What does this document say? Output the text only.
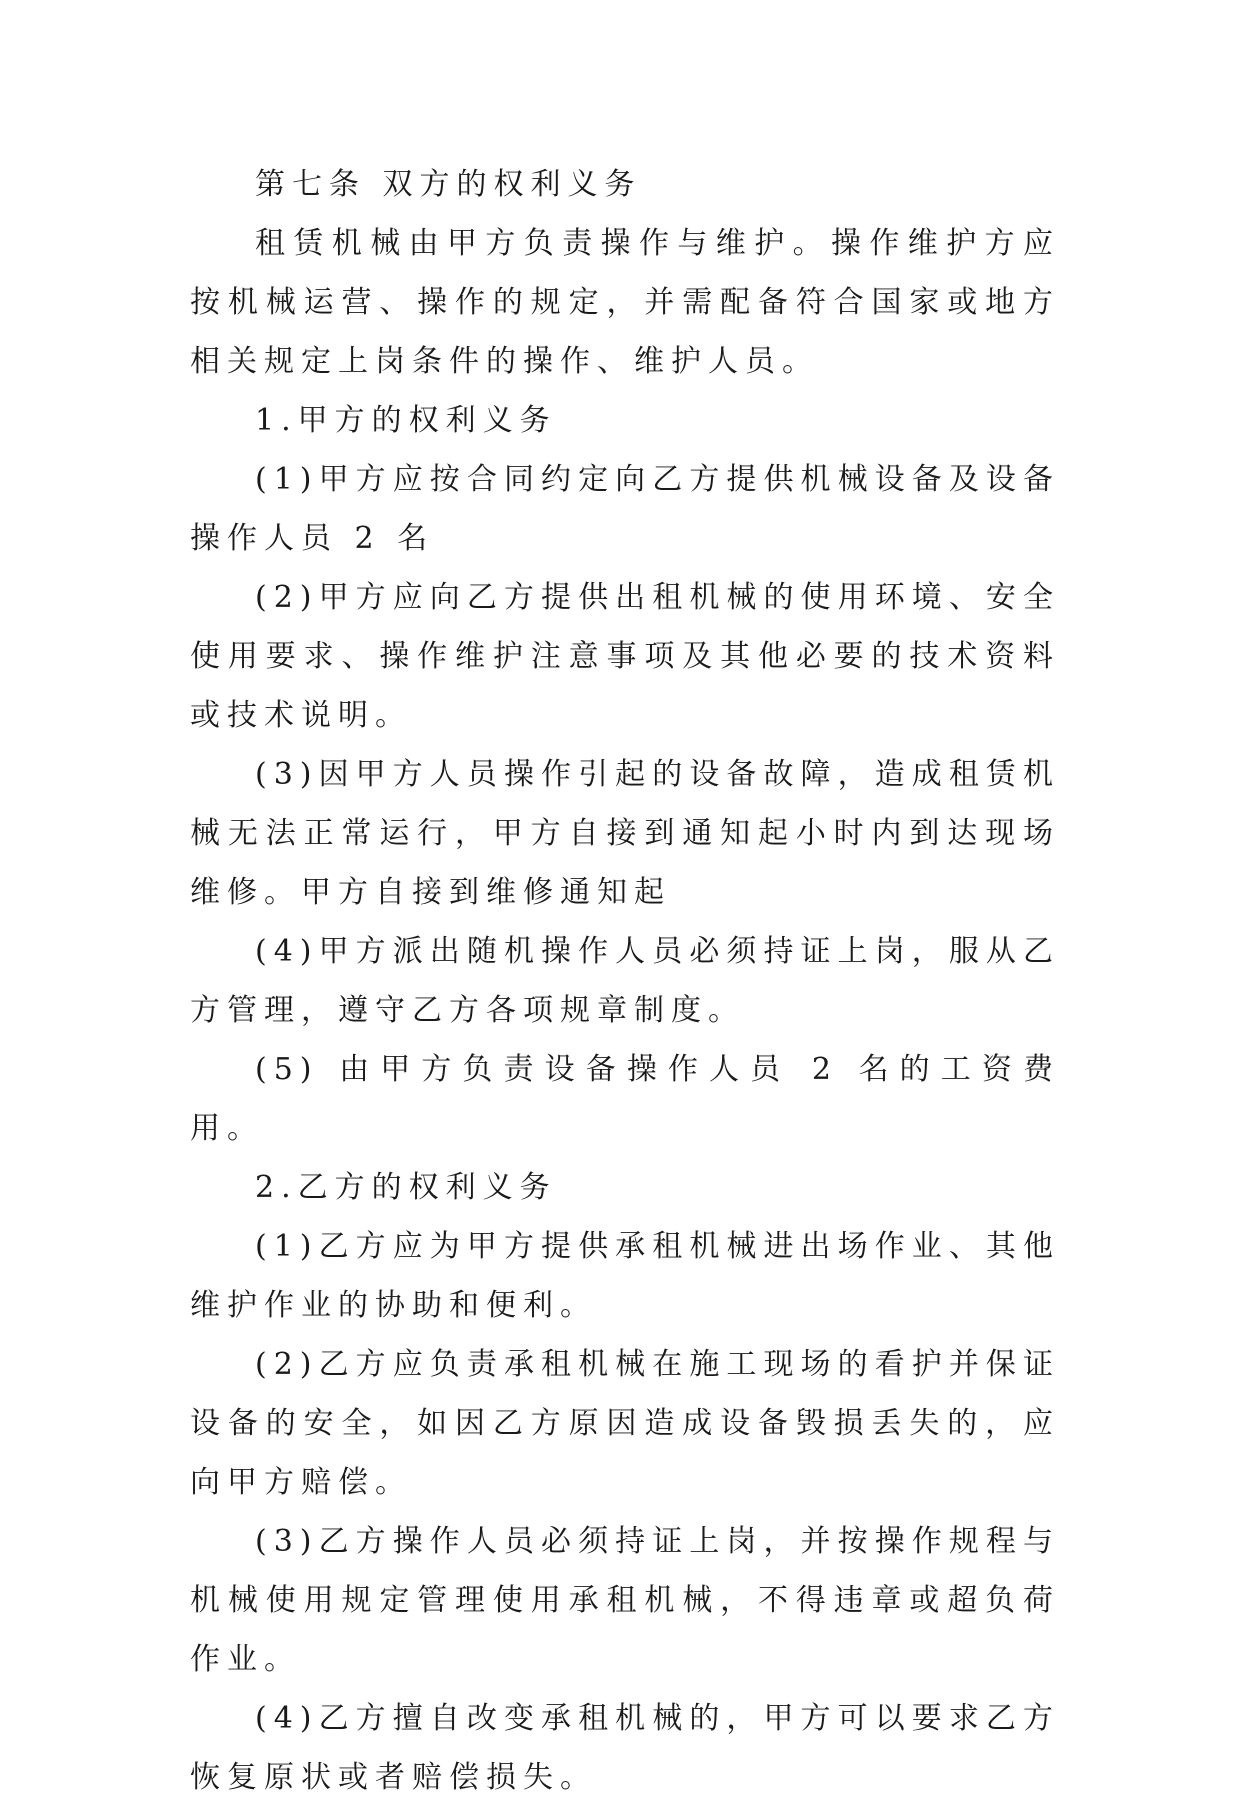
第七条 双方的权利义务

租赁机械由甲方负责操作与维护。操作维护方应按机械运营、操作的规定，并需配备符合国家或地方相关规定上岗条件的操作、维护人员。

1.甲方的权利义务

(1)甲方应按合同约定向乙方提供机械设备及设备操作人员 2 名

(2)甲方应向乙方提供出租机械的使用环境、安全使用要求、操作维护注意事项及其他必要的技术资料或技术说明。

(3)因甲方人员操作引起的设备故障，造成租赁机械无法正常运行，甲方自接到通知起小时内到达现场维修。甲方自接到维修通知起

(4)甲方派出随机操作人员必须持证上岗，服从乙方管理，遵守乙方各项规章制度。

(5) 由甲方负责设备操作人员 2 名的工资费用。

2.乙方的权利义务

(1)乙方应为甲方提供承租机械进出场作业、其他维护作业的协助和便利。

(2)乙方应负责承租机械在施工现场的看护并保证设备的安全，如因乙方原因造成设备毁损丢失的，应向甲方赔偿。

(3)乙方操作人员必须持证上岗，并按操作规程与机械使用规定管理使用承租机械，不得违章或超负荷作业。

(4)乙方擅自改变承租机械的，甲方可以要求乙方恢复原状或者赔偿损失。
